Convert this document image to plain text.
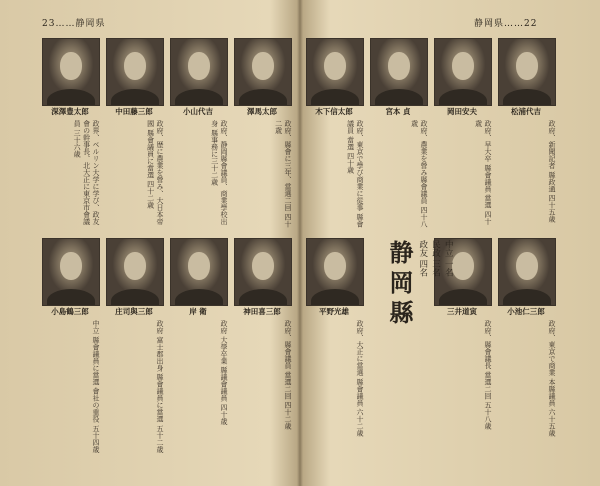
23……静岡県	静岡県……22
深澤豊太郎	中田藤三郎	小山代吉	澤馬太郎	木下信太郎	宮本 貞	岡田安夫	松浦代吉
政界、ベルリン大学に学び、政友會の幹事長、北大正に東京市會議員 三十六歳	政府、歴に農業を營み、大日本帝國 縣會議員に當選 四十二歳	政府、静岡縣會議員、商業學校出身 縣事務に三十二歳	政府、縣會に三年、當選二回 四十二歳	政府、東京で學び商業に從事 縣會議員 當選 四十歳	政府、農業を營み縣會議員 四十八歳	政府、早大卒 縣會議員 當選 四十歳	政府、新聞記者 縣政通 四十五歳
小島鶴三郎	庄司與三郎	岸 衛	神田喜三郎	平野光雄	三井道寅	小池仁三郎
中立 縣會議員に當選 會社の重役 五十四歳	政府 富士郡出身 縣會議員に當選 五十二歳	政府 大學卒業 縣議會議員 四十歳	政府、縣會議員 當選二回 四十二歳	政府、大正に當選 縣會議員 六十二歳	政府、縣會議長 當選二回 五十八歳	政府、東京で商業 本縣議員 六十五歳
静岡縣	中立 一名
民政 三名
政友 四名
